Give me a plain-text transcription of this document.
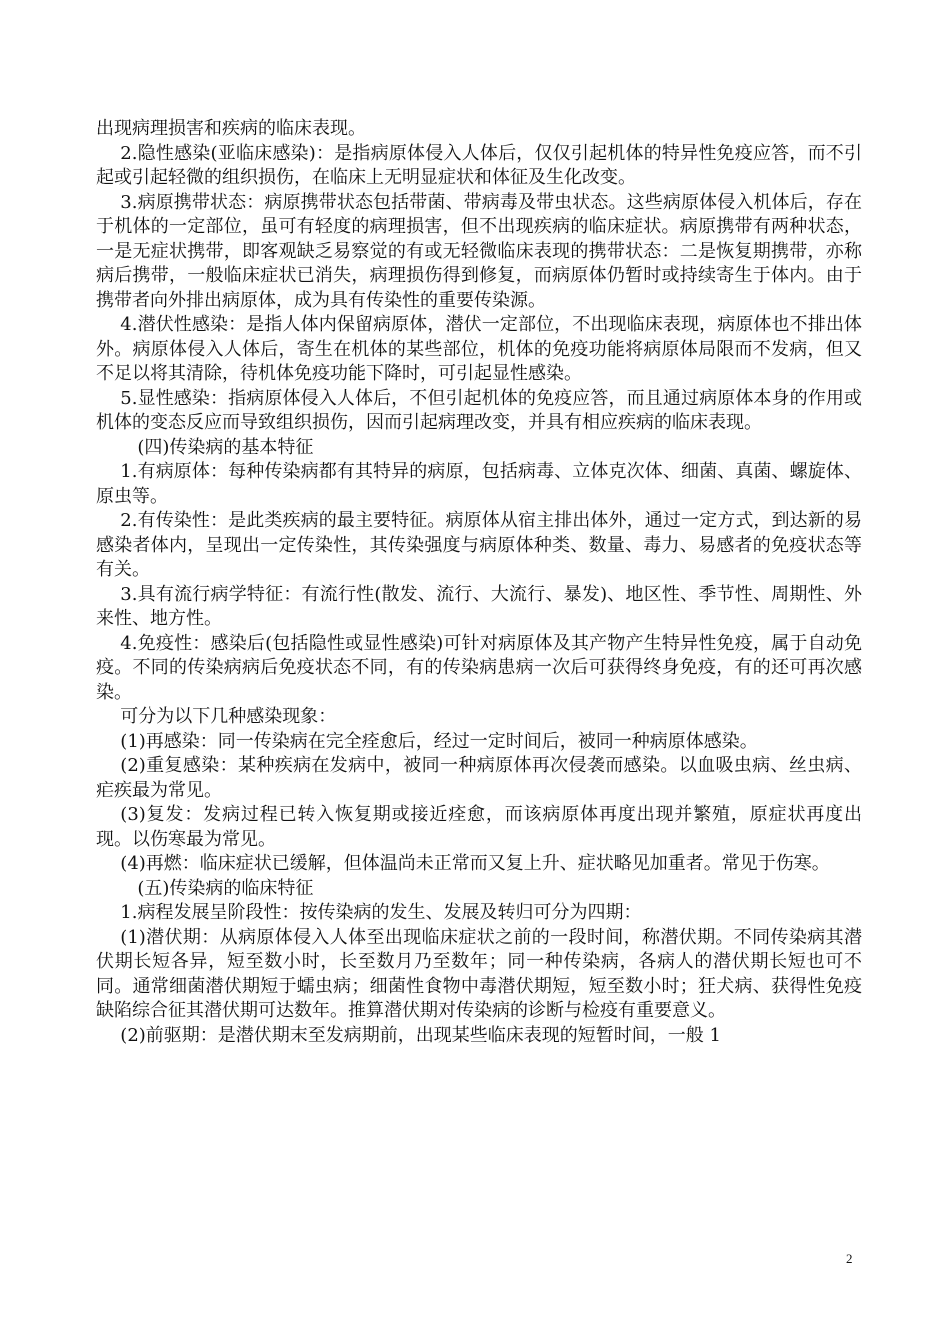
出现病理损害和疾病的临床表现。

2.隐性感染(亚临床感染)：是指病原体侵入人体后，仅仅引起机体的特异性免疫应答，而不引起或引起轻微的组织损伤，在临床上无明显症状和体征及生化改变。

3.病原携带状态：病原携带状态包括带菌、带病毒及带虫状态。这些病原体侵入机体后，存在于机体的一定部位，虽可有轻度的病理损害，但不出现疾病的临床症状。病原携带有两种状态，一是无症状携带，即客观缺乏易察觉的有或无轻微临床表现的携带状态：二是恢复期携带，亦称病后携带，一般临床症状已消失，病理损伤得到修复，而病原体仍暂时或持续寄生于体内。由于携带者向外排出病原体，成为具有传染性的重要传染源。

4.潜伏性感染：是指人体内保留病原体，潜伏一定部位，不出现临床表现，病原体也不排出体外。病原体侵入人体后，寄生在机体的某些部位，机体的免疫功能将病原体局限而不发病，但又不足以将其清除，待机体免疫功能下降时，可引起显性感染。

5.显性感染：指病原体侵入人体后，不但引起机体的免疫应答，而且通过病原体本身的作用或机体的变态反应而导致组织损伤，因而引起病理改变，并具有相应疾病的临床表现。

(四)传染病的基本特征

1.有病原体：每种传染病都有其特异的病原，包括病毒、立体克次体、细菌、真菌、螺旋体、原虫等。

2.有传染性：是此类疾病的最主要特征。病原体从宿主排出体外，通过一定方式，到达新的易感染者体内，呈现出一定传染性，其传染强度与病原体种类、数量、毒力、易感者的免疫状态等有关。

3.具有流行病学特征：有流行性(散发、流行、大流行、暴发)、地区性、季节性、周期性、外来性、地方性。

4.免疫性：感染后(包括隐性或显性感染)可针对病原体及其产物产生特异性免疫，属于自动免疫。不同的传染病病后免疫状态不同，有的传染病患病一次后可获得终身免疫，有的还可再次感染。

可分为以下几种感染现象：

(1)再感染：同一传染病在完全痊愈后，经过一定时间后，被同一种病原体感染。

(2)重复感染：某种疾病在发病中，被同一种病原体再次侵袭而感染。以血吸虫病、丝虫病、疟疾最为常见。

(3)复发：发病过程已转入恢复期或接近痊愈，而该病原体再度出现并繁殖，原症状再度出现。以伤寒最为常见。

(4)再燃：临床症状已缓解，但体温尚未正常而又复上升、症状略见加重者。常见于伤寒。

(五)传染病的临床特征

1.病程发展呈阶段性：按传染病的发生、发展及转归可分为四期：

(1)潜伏期：从病原体侵入人体至出现临床症状之前的一段时间，称潜伏期。不同传染病其潜伏期长短各异，短至数小时，长至数月乃至数年；同一种传染病，各病人的潜伏期长短也可不同。通常细菌潜伏期短于蠕虫病；细菌性食物中毒潜伏期短，短至数小时；狂犬病、获得性免疫缺陷综合征其潜伏期可达数年。推算潜伏期对传染病的诊断与检疫有重要意义。

(2)前驱期：是潜伏期末至发病期前，出现某些临床表现的短暂时间，一般 1

2
